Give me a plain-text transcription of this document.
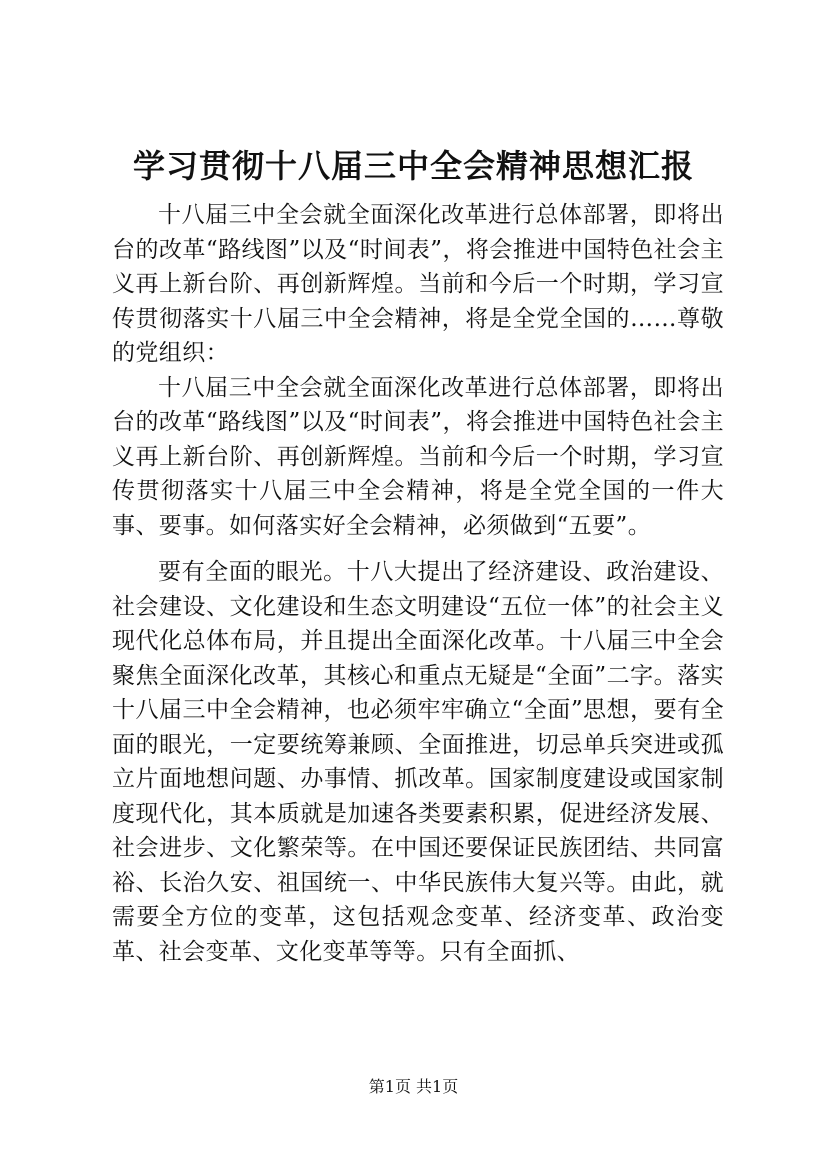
学习贯彻十八届三中全会精神思想汇报

十八届三中全会就全面深化改革进行总体部署，即将出台的改革“路线图”以及“时间表”，将会推进中国特色社会主义再上新台阶、再创新辉煌。当前和今后一个时期，学习宣传贯彻落实十八届三中全会精神，将是全党全国的……尊敬的党组织：

十八届三中全会就全面深化改革进行总体部署，即将出台的改革“路线图”以及“时间表”，将会推进中国特色社会主义再上新台阶、再创新辉煌。当前和今后一个时期，学习宣传贯彻落实十八届三中全会精神，将是全党全国的一件大事、要事。如何落实好全会精神，必须做到“五要”。

要有全面的眼光。十八大提出了经济建设、政治建设、社会建设、文化建设和生态文明建设“五位一体”的社会主义现代化总体布局，并且提出全面深化改革。十八届三中全会聚焦全面深化改革，其核心和重点无疑是“全面”二字。落实十八届三中全会精神，也必须牢牢确立“全面”思想，要有全面的眼光，一定要统筹兼顾、全面推进，切忌单兵突进或孤立片面地想问题、办事情、抓改革。国家制度建设或国家制度现代化，其本质就是加速各类要素积累，促进经济发展、社会进步、文化繁荣等。在中国还要保证民族团结、共同富裕、长治久安、祖国统一、中华民族伟大复兴等。由此，就需要全方位的变革，这包括观念变革、经济变革、政治变革、社会变革、文化变革等等。只有全面抓、

第1页 共1页
